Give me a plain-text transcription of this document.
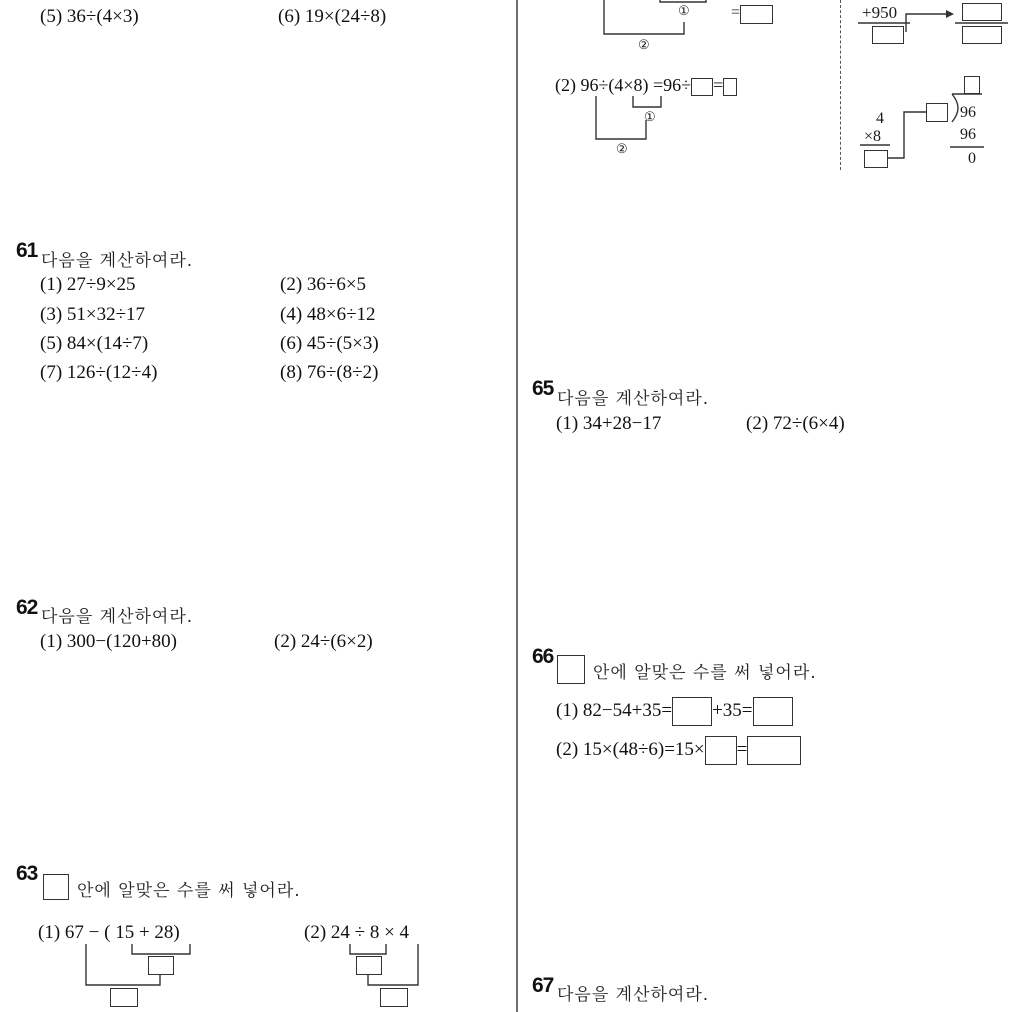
(5) 36÷(4×3)	(6) 19×(24÷8)	①	=
②
+950
(2) 96÷(4×8) =96÷ =
①
②
96
96
0
4
×8
61 다음을 계산하여라.
(1) 27÷9×25	(2) 36÷6×5
(3) 51×32÷17	(4) 48×6÷12
(5) 84×(14÷7)	(6) 45÷(5×3)
(7) 126÷(12÷4)	(8) 76÷(8÷2)
62 다음을 계산하여라.
(1) 300−(120+80)	(2) 24÷(6×2)
63
안에 알맞은 수를 써 넣어라.
(1) 67 − ( 15 + 28)	(2) 24 ÷ 8 × 4
65 다음을 계산하여라.
(1) 34+28−17	(2) 72÷(6×4)
66
안에 알맞은 수를 써 넣어라.
(1) 82−54+35= +35=
(2) 15×(48÷6)=15× =
67 다음을 계산하여라.
